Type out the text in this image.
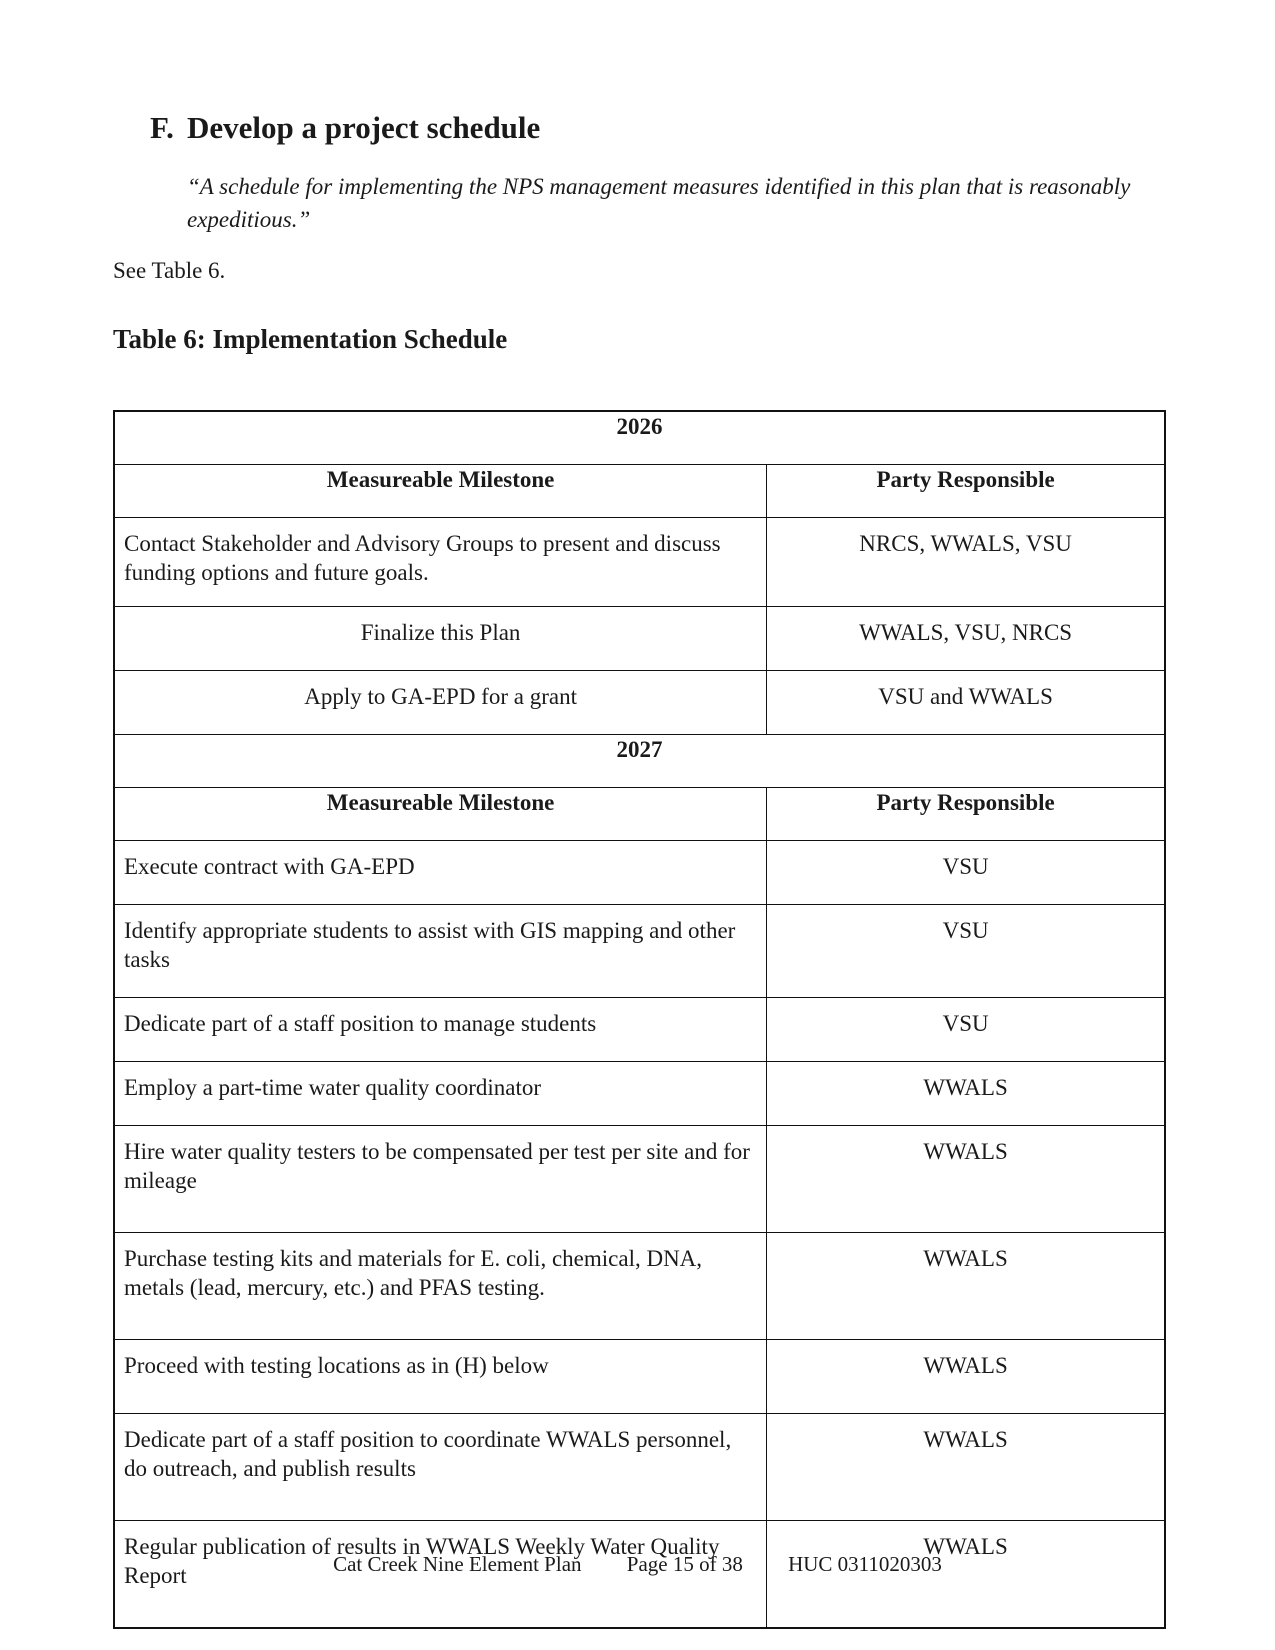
F. Develop a project schedule

“A schedule for implementing the NPS management measures identified in this plan that is reasonably expeditious.”

See Table 6.

Table 6: Implementation Schedule
2026	
Measureable Milestone	Party Responsible
Contact Stakeholder and Advisory Groups to present and discuss funding options and future goals.	NRCS, WWALS, VSU
Finalize this Plan	WWALS, VSU, NRCS
Apply to GA-EPD for a grant	VSU and WWALS
2027	
Measureable Milestone	Party Responsible
Execute contract with GA-EPD	VSU
Identify appropriate students to assist with GIS mapping and other tasks	VSU
Dedicate part of a staff position to manage students	VSU
Employ a part-time water quality coordinator	WWALS
Hire water quality testers to be compensated per test per site and for mileage	WWALS
Purchase testing kits and materials for E. coli, chemical, DNA, metals (lead, mercury, etc.) and PFAS testing.	WWALS
Proceed with testing locations as in (H) below	WWALS
Dedicate part of a staff position to coordinate WWALS personnel, do outreach, and publish results	WWALS
Regular publication of results in WWALS Weekly Water Quality Report	WWALS
Cat Creek Nine Element Plan Page 15 of 38 HUC 0311020303
